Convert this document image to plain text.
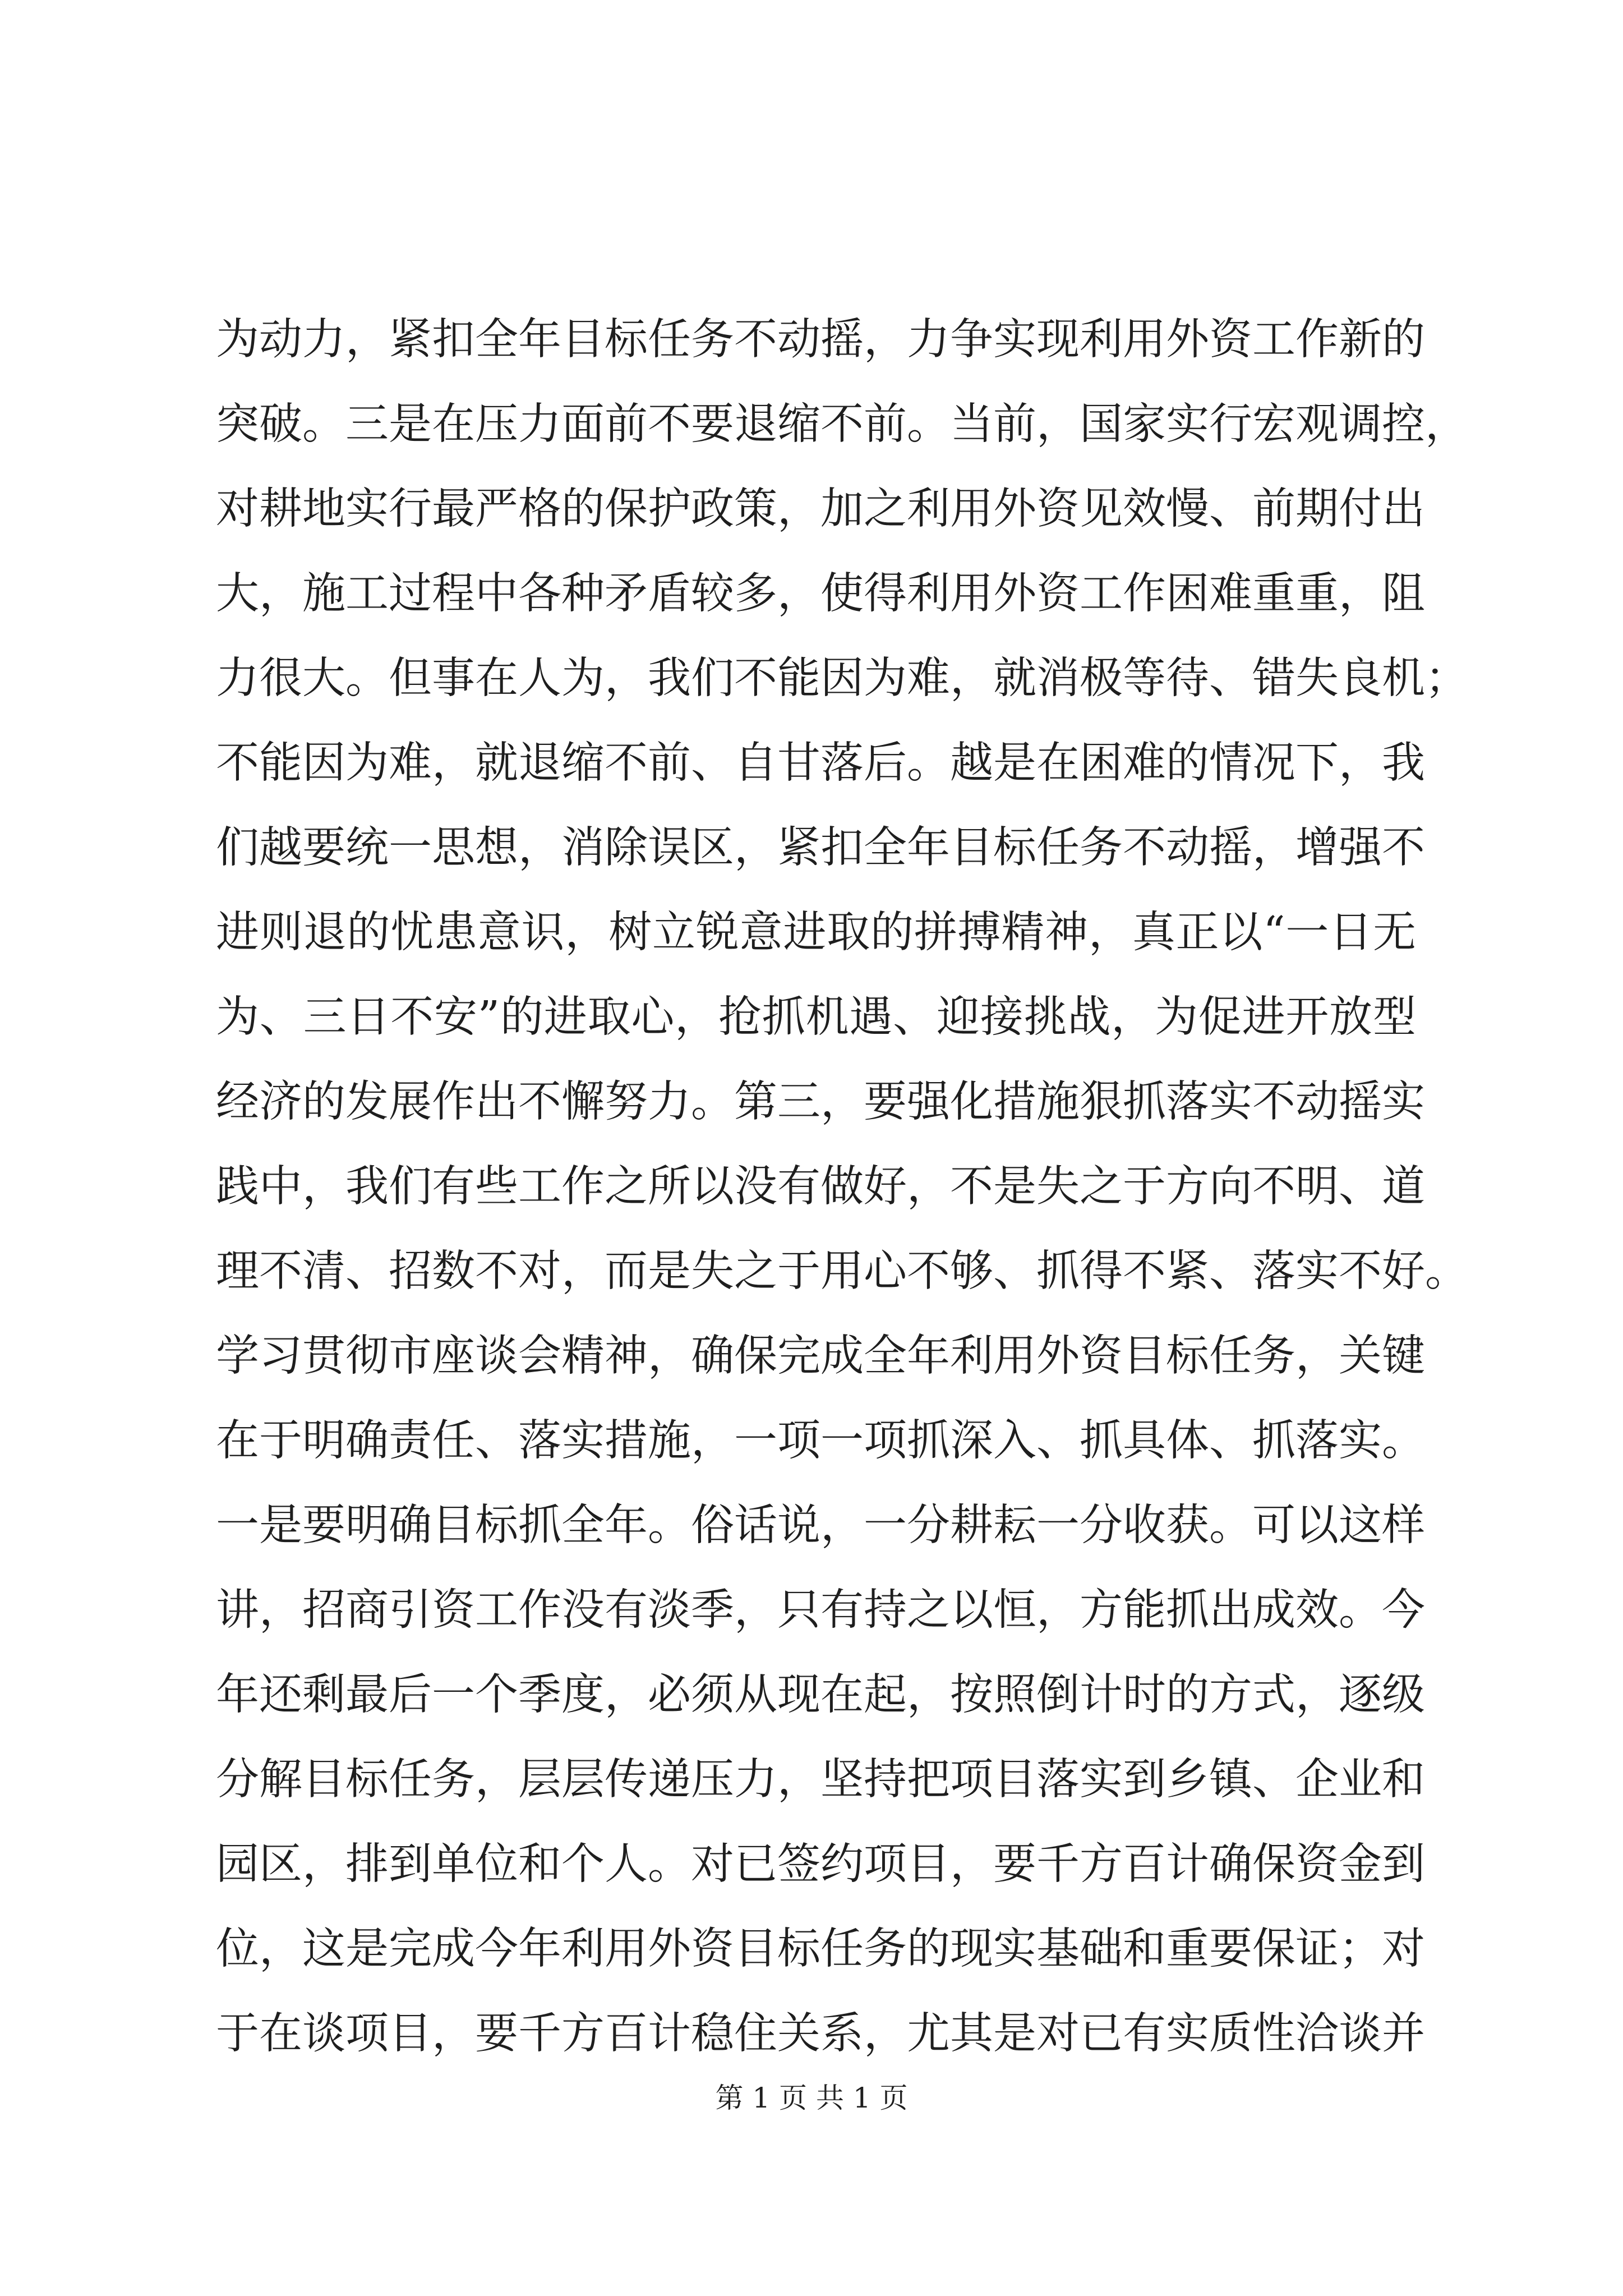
为动力，紧扣全年目标任务不动摇，力争实现利用外资工作新的
突破。三是在压力面前不要退缩不前。当前，国家实行宏观调控，
对耕地实行最严格的保护政策，加之利用外资见效慢、前期付出
大，施工过程中各种矛盾较多，使得利用外资工作困难重重，阻
力很大。但事在人为，我们不能因为难，就消极等待、错失良机；
不能因为难，就退缩不前、自甘落后。越是在困难的情况下，我
们越要统一思想，消除误区，紧扣全年目标任务不动摇，增强不
进则退的忧患意识，树立锐意进取的拼搏精神，真正以“一日无
为、三日不安”的进取心，抢抓机遇、迎接挑战，为促进开放型
经济的发展作出不懈努力。第三，要强化措施狠抓落实不动摇实
践中，我们有些工作之所以没有做好，不是失之于方向不明、道
理不清、招数不对，而是失之于用心不够、抓得不紧、落实不好。
学习贯彻市座谈会精神，确保完成全年利用外资目标任务，关键
在于明确责任、落实措施，一项一项抓深入、抓具体、抓落实。
一是要明确目标抓全年。俗话说，一分耕耘一分收获。可以这样
讲，招商引资工作没有淡季，只有持之以恒，方能抓出成效。今
年还剩最后一个季度，必须从现在起，按照倒计时的方式，逐级
分解目标任务，层层传递压力，坚持把项目落实到乡镇、企业和
园区，排到单位和个人。对已签约项目，要千方百计确保资金到
位，这是完成今年利用外资目标任务的现实基础和重要保证；对
于在谈项目，要千方百计稳住关系，尤其是对已有实质性洽谈并
第 1 页 共 1 页
